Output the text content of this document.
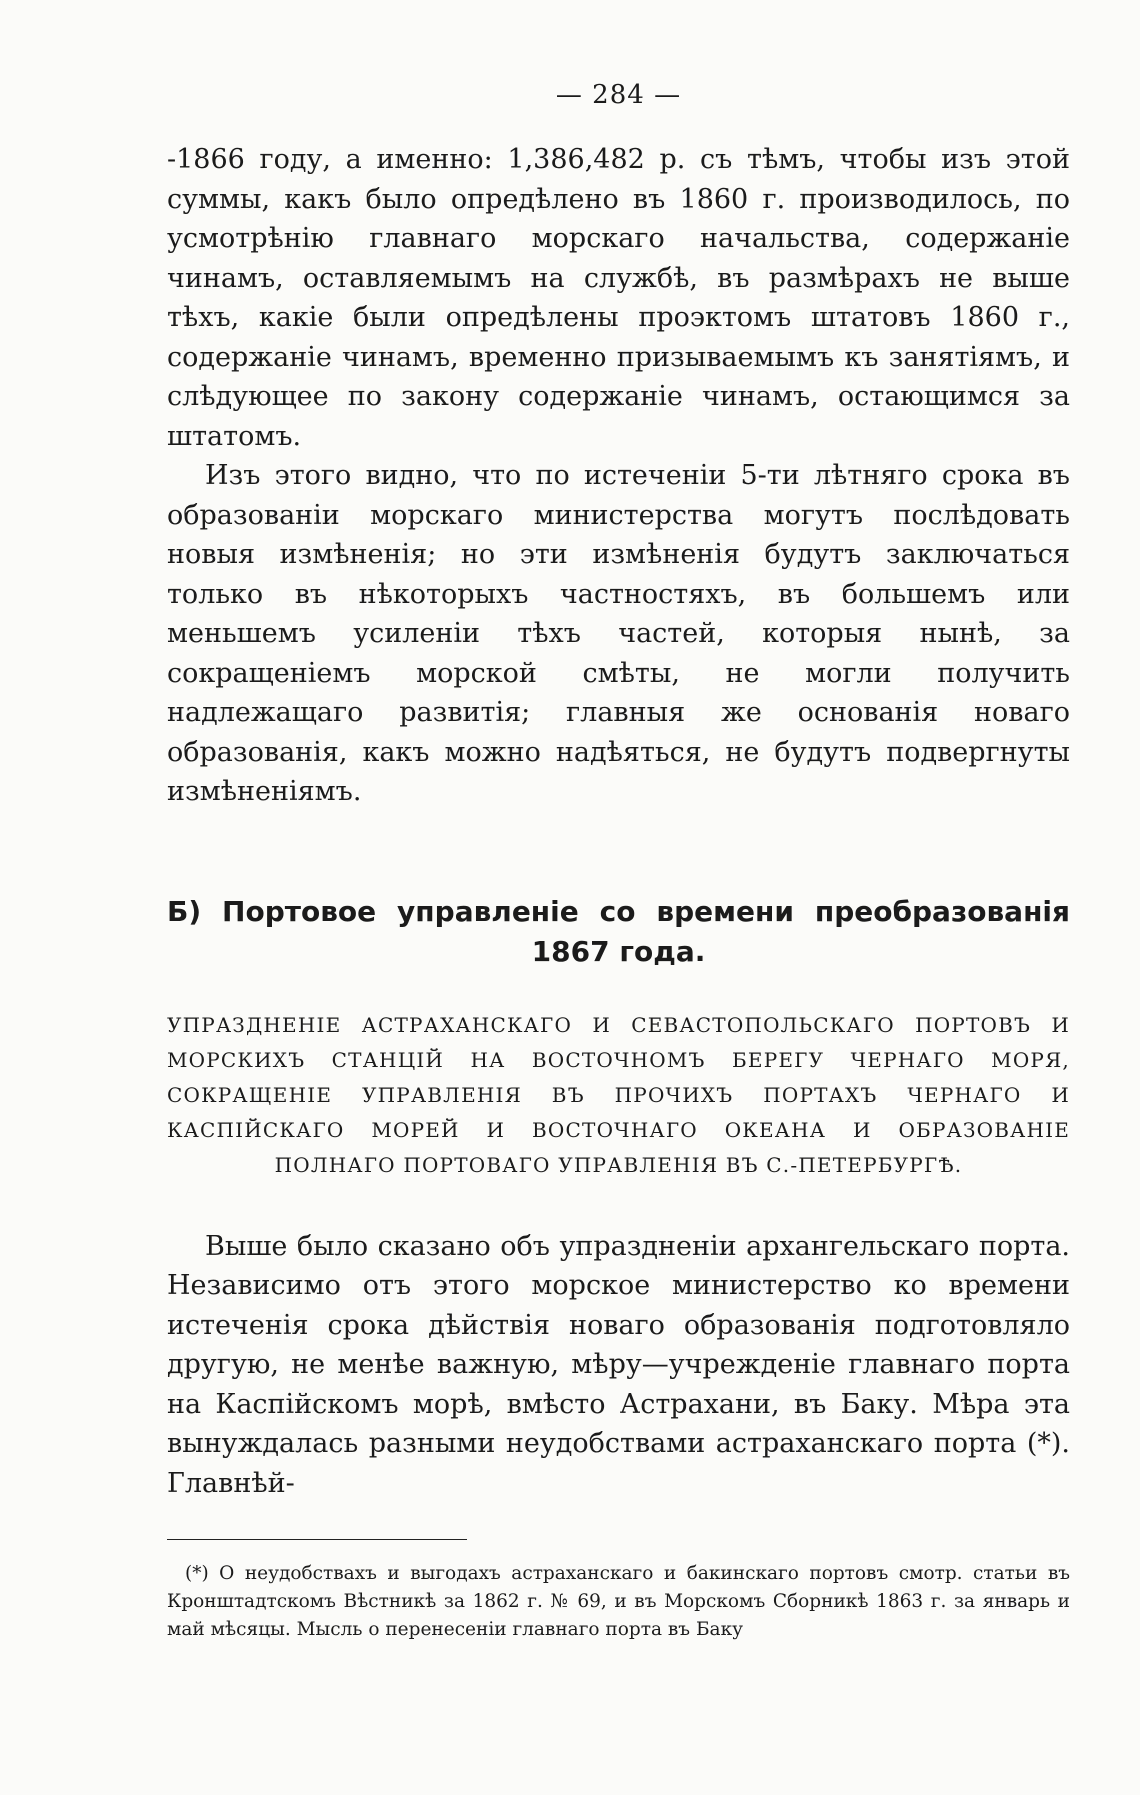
— 284 —

-1866 году, а именно: 1,386,482 р. съ тѣмъ, чтобы изъ этой суммы, какъ было опредѣлено въ 1860 г. производилось, по усмотрѣнію главнаго морскаго начальства, содержаніе чинамъ, оставляемымъ на службѣ, въ размѣрахъ не выше тѣхъ, какіе были опредѣлены проэктомъ штатовъ 1860 г., содержаніе чинамъ, временно призываемымъ къ занятіямъ, и слѣдующее по закону содержаніе чинамъ, остающимся за штатомъ.

Изъ этого видно, что по истеченіи 5-ти лѣтняго срока въ образованіи морскаго министерства могутъ послѣдовать новыя измѣненія; но эти измѣненія будутъ заключаться только въ нѣкоторыхъ частностяхъ, въ большемъ или меньшемъ усиленіи тѣхъ частей, которыя нынѣ, за сокращеніемъ морской смѣты, не могли получить надлежащаго развитія; главныя же основанія новаго образованія, какъ можно надѣяться, не будутъ подвергнуты измѣненіямъ.

Б) Портовое управленіе со времени преобразованія
1867 года.
УПРАЗДНЕНІЕ АСТРАХАНСКАГО И СЕВАСТОПОЛЬСКАГО ПОРТОВЪ И МОРСКИХЪ СТАНЦІЙ НА ВОСТОЧНОМЪ БЕРЕГУ ЧЕРНАГО МОРЯ, СОКРАЩЕНІЕ УПРАВЛЕНІЯ ВЪ ПРОЧИХЪ ПОРТАХЪ ЧЕРНАГО И КАСПІЙСКАГО МОРЕЙ И ВОСТОЧНАГО ОКЕАНА И ОБРАЗОВАНІЕ ПОЛНАГО ПОРТОВАГО УПРАВЛЕНІЯ ВЪ С.-ПЕТЕРБУРГѢ.

Выше было сказано объ упраздненіи архангельскаго порта. Независимо отъ этого морское министерство ко времени истеченія срока дѣйствія новаго образованія подготовляло другую, не менѣе важную, мѣру—учрежденіе главнаго порта на Каспійскомъ морѣ, вмѣсто Астрахани, въ Баку. Мѣра эта вынуждалась разными неудобствами астраханскаго порта (*). Главнѣй-

(*) О неудобствахъ и выгодахъ астраханскаго и бакинскаго портовъ смотр. статьи въ Кронштадтскомъ Вѣстникѣ за 1862 г. № 69, и въ Морскомъ Сборникѣ 1863 г. за январь и май мѣсяцы. Мысль о перенесеніи главнаго порта въ Баку
